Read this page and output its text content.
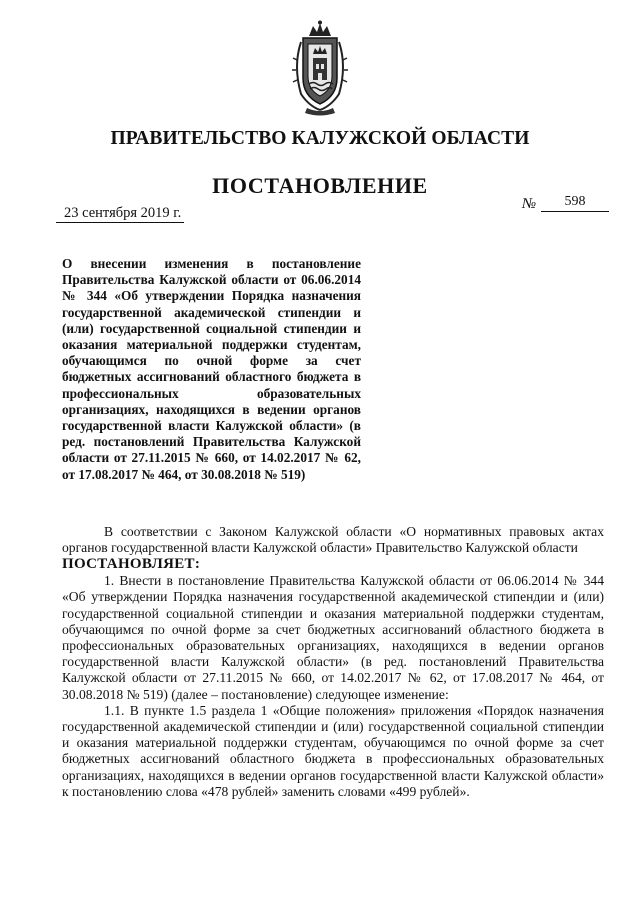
ПРАВИТЕЛЬСТВО КАЛУЖСКОЙ ОБЛАСТИ
ПОСТАНОВЛЕНИЕ
23 сентября 2019 г.
№	598
О внесении изменения в постановление Правительства Калужской области от 06.06.2014 № 344 «Об утверждении Порядка назначения государственной академической стипендии и (или) государственной социальной стипендии и оказания материальной поддержки студентам, обучающимся по очной форме за счет бюджетных ассигнований областного бюджета в профессиональных образовательных организациях, находящихся в ведении органов государственной власти Калужской области» (в ред. постановлений Правительства Калужской области от 27.11.2015 № 660, от 14.02.2017 № 62, от 17.08.2017 № 464, от 30.08.2018 № 519)

В соответствии с Законом Калужской области «О нормативных правовых актах органов государственной власти Калужской области» Правительство Калужской области

ПОСТАНОВЛЯЕТ:

1. Внести в постановление Правительства Калужской области от 06.06.2014 № 344 «Об утверждении Порядка назначения государственной академической стипендии и (или) государственной социальной стипендии и оказания материальной поддержки студентам, обучающимся по очной форме за счет бюджетных ассигнований областного бюджета в профессиональных образовательных организациях, находящихся в ведении органов государственной власти Калужской области» (в ред. постановлений Правительства Калужской области от 27.11.2015 № 660, от 14.02.2017 № 62, от 17.08.2017 № 464, от 30.08.2018 № 519) (далее – постановление) следующее изменение:

1.1. В пункте 1.5 раздела 1 «Общие положения» приложения «Порядок назначения государственной академической стипендии и (или) государственной социальной стипендии и оказания материальной поддержки студентам, обучающимся по очной форме за счет бюджетных ассигнований областного бюджета в профессиональных образовательных организациях, находящихся в ведении органов государственной власти Калужской области» к постановлению слова «478 рублей» заменить словами «499 рублей».
